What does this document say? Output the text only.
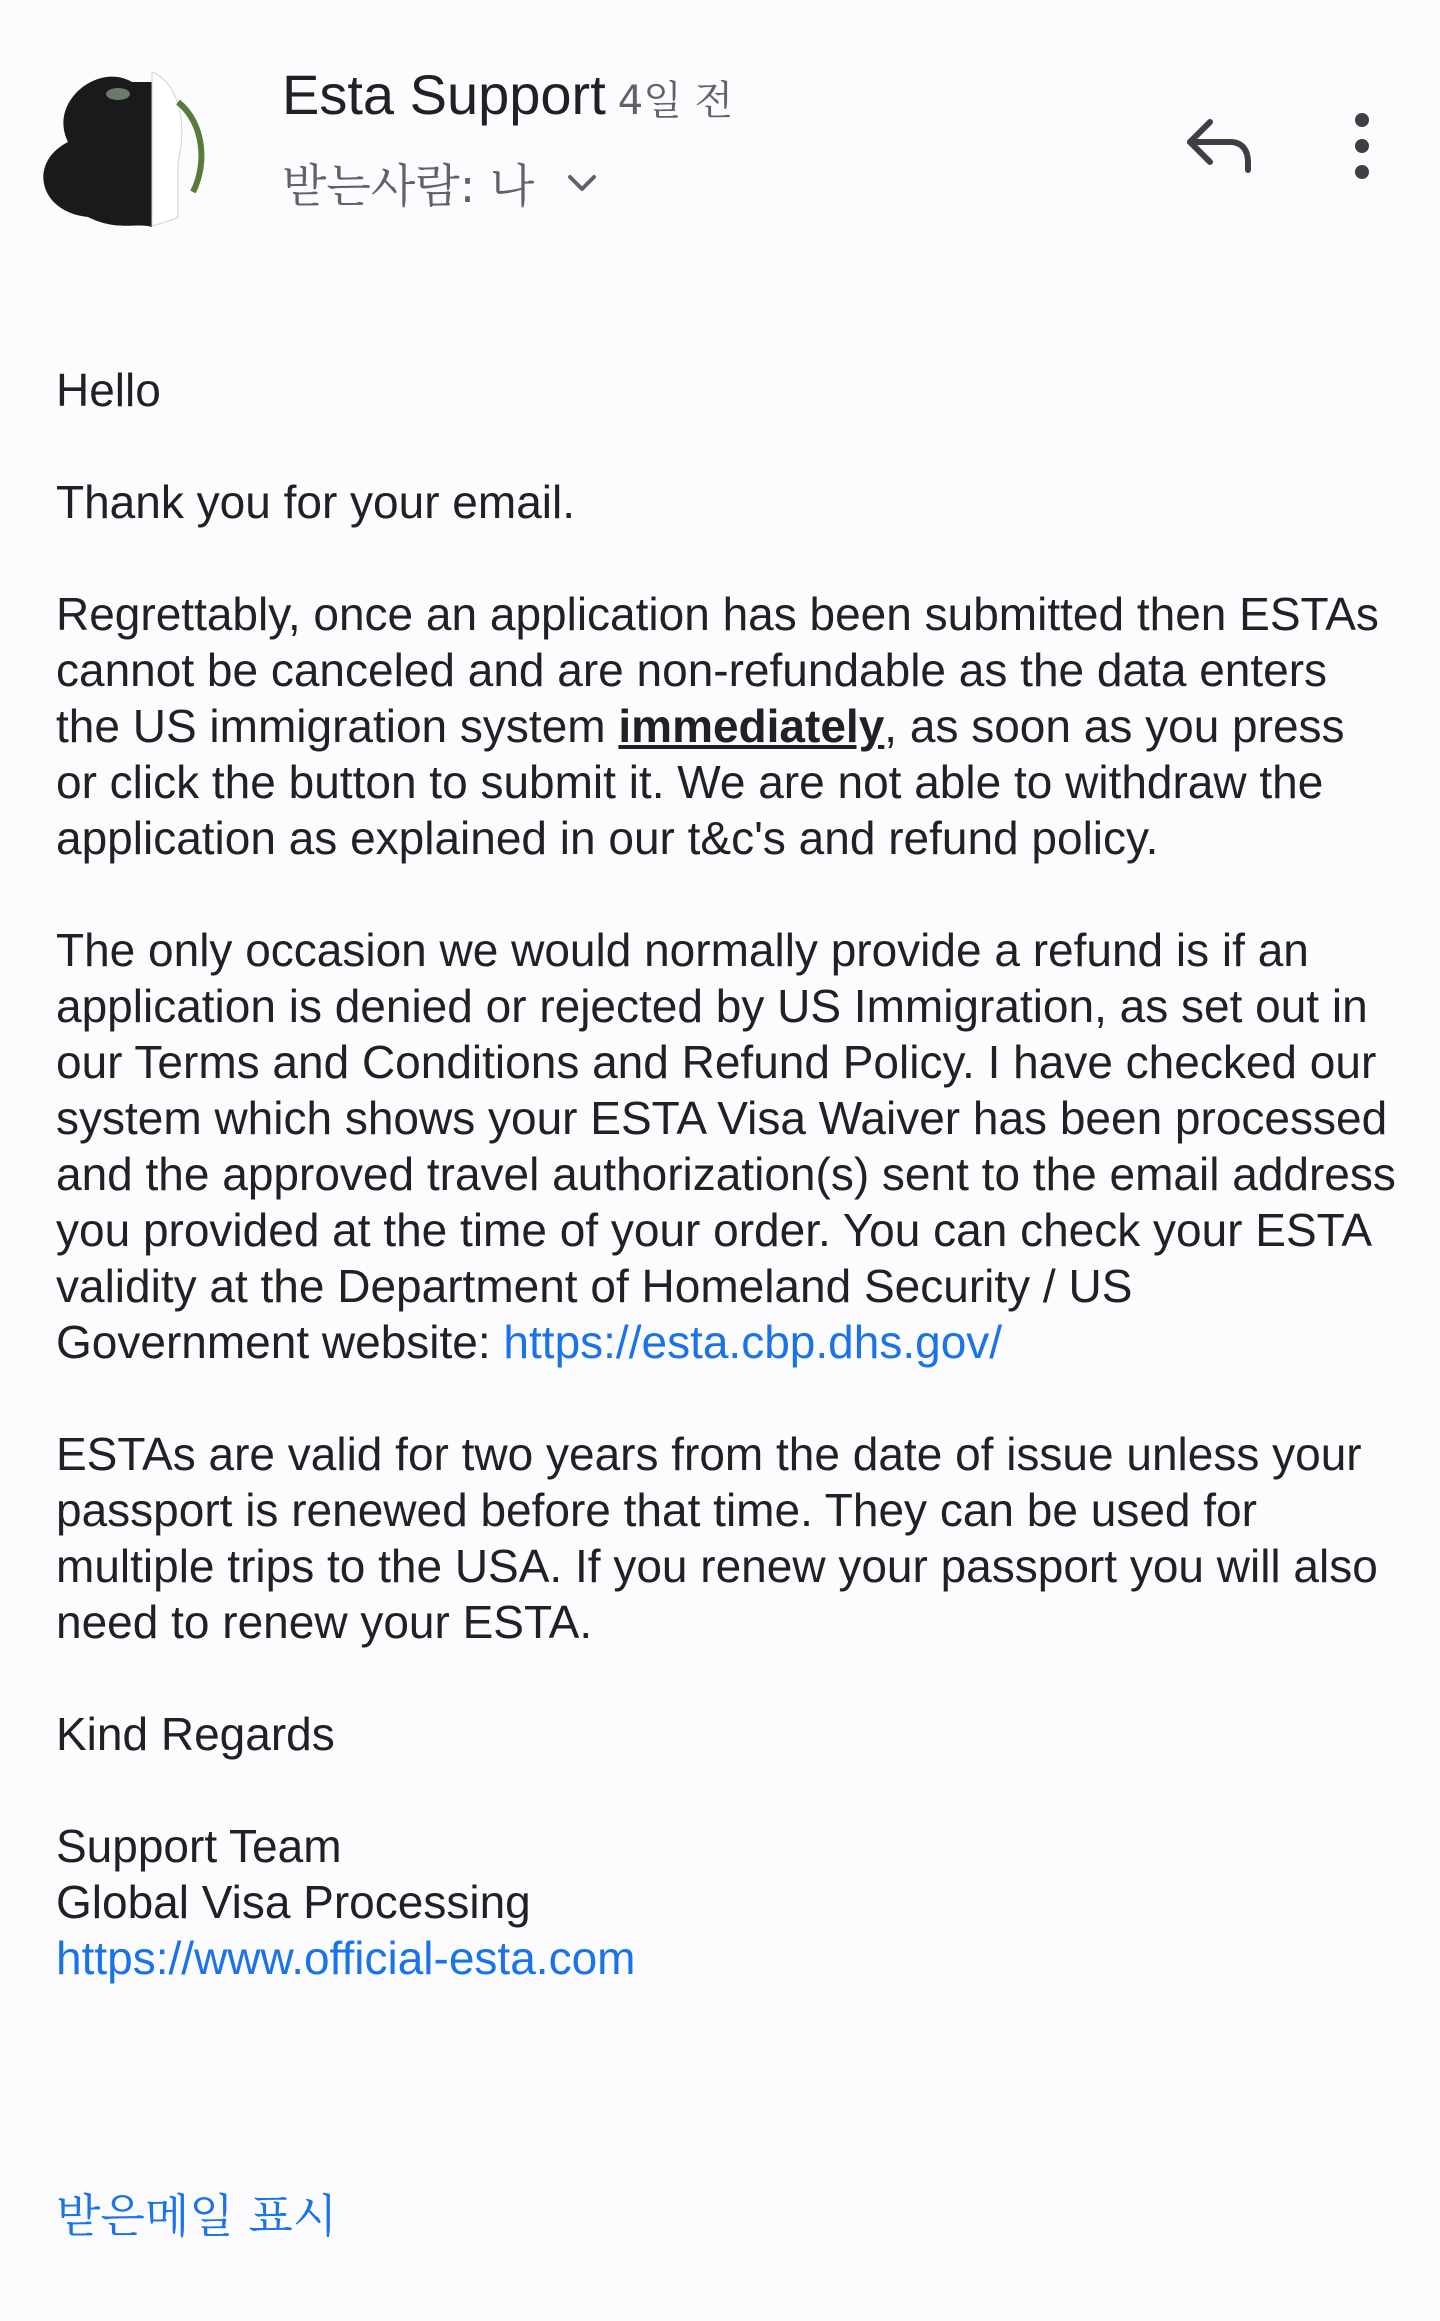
Esta Support 4일 전
받는사람: 나

Hello

Thank you for your email.

Regrettably, once an application has been submitted then ESTAs cannot be canceled and are non-refundable as the data enters the US immigration system immediately, as soon as you press or click the button to submit it. We are not able to withdraw the application as explained in our t&c's and refund policy.

The only occasion we would normally provide a refund is if an application is denied or rejected by US Immigration, as set out in our Terms and Conditions and Refund Policy. I have checked our system which shows your ESTA Visa Waiver has been processed and the approved travel authorization(s) sent to the email address you provided at the time of your order. You can check your ESTA validity at the Department of Homeland Security / US Government website: https://esta.cbp.dhs.gov/

ESTAs are valid for two years from the date of issue unless your passport is renewed before that time. They can be used for multiple trips to the USA. If you renew your passport you will also need to renew your ESTA.

Kind Regards

Support Team

Global Visa Processing

https://www.official-esta.com

받은메일 표시
